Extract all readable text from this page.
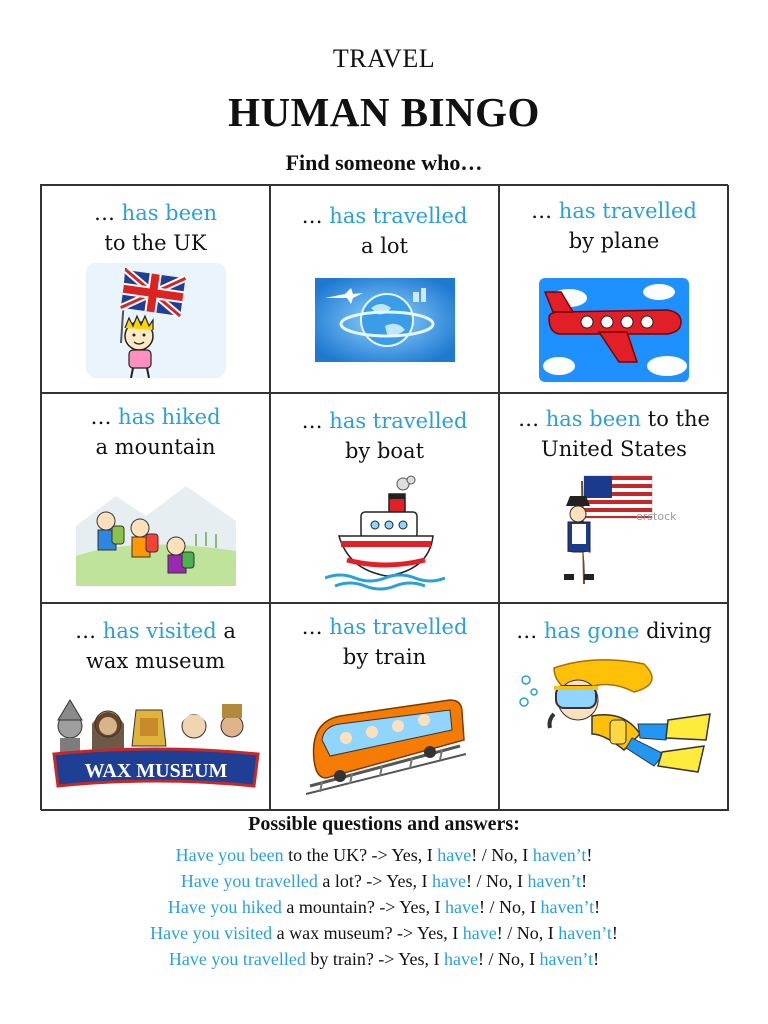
TRAVEL
HUMAN BINGO
Find someone who…
… has been
to the UK
… has travelled
a lot
… has travelled
by plane
… has hiked
a mountain
… has travelled
by boat
… has been to the
United States
erstock
… has visited a
wax museum
WAX MUSEUM
… has travelled
by train
… has gone diving
Possible questions and answers:
Have you been to the UK? -> Yes, I have! / No, I haven’t!
Have you travelled a lot? -> Yes, I have! / No, I haven’t!
Have you hiked a mountain? -> Yes, I have! / No, I haven’t!
Have you visited a wax museum? -> Yes, I have! / No, I haven’t!
Have you travelled by train? -> Yes, I have! / No, I haven’t!
